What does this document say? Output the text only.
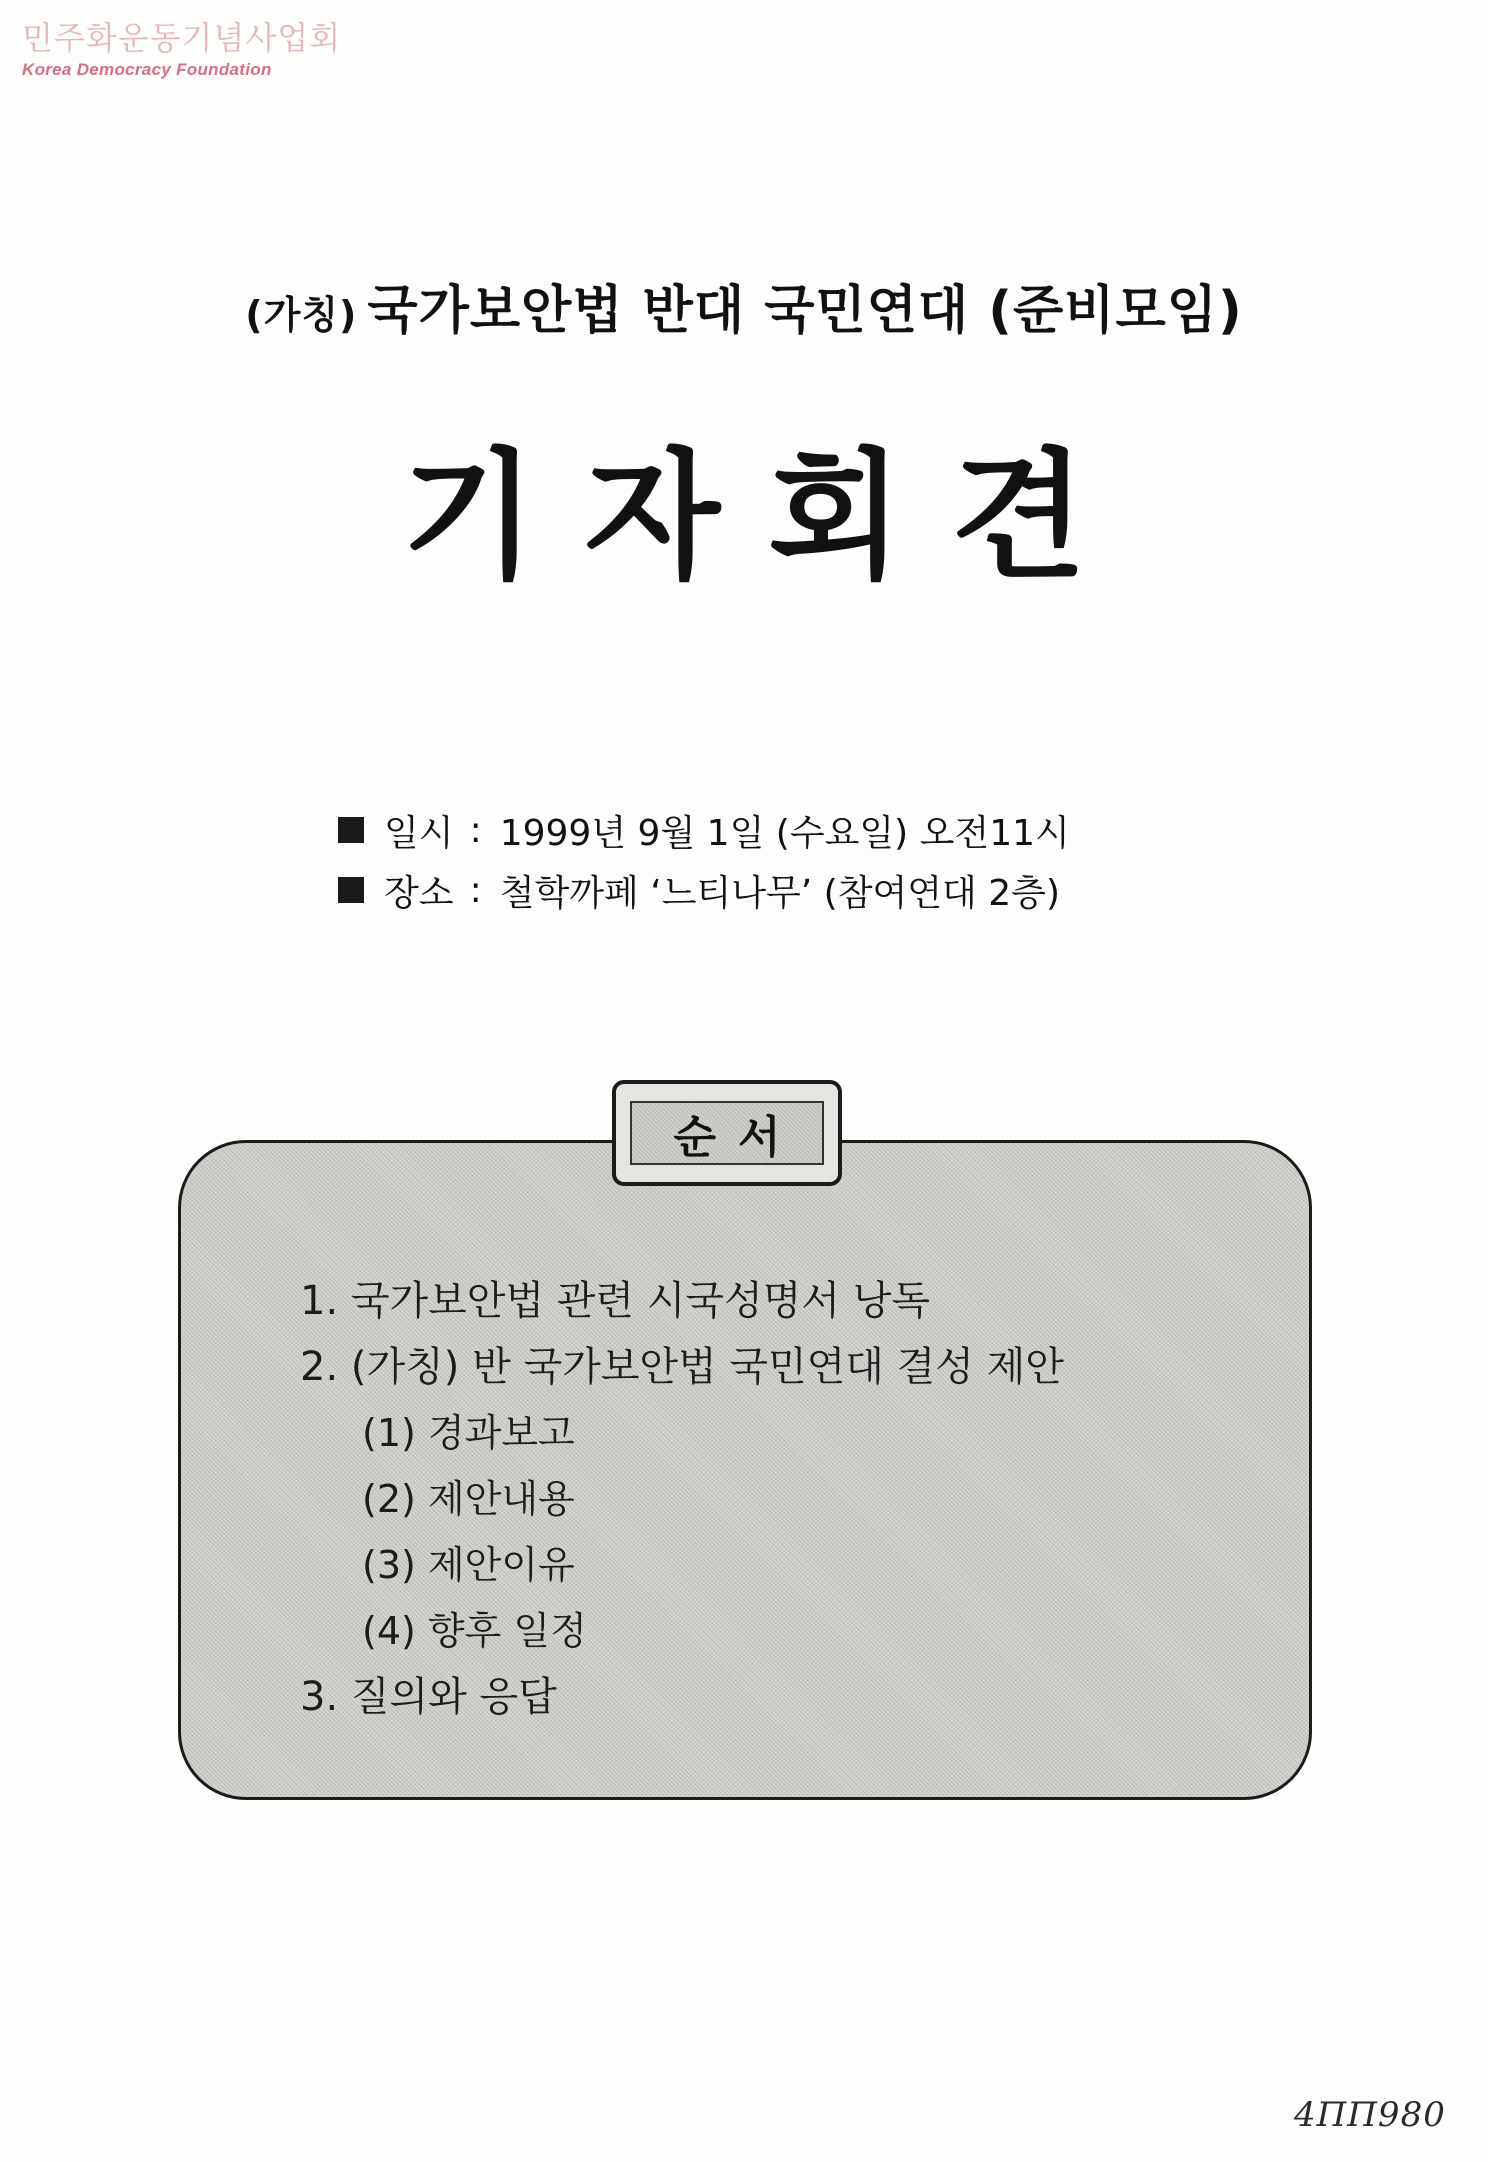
민주화운동기념사업회
Korea Democracy Foundation
(가칭) 국가보안법 반대 국민연대 (준비모임)
기자회견
일시 : 1999년 9월 1일 (수요일) 오전11시
장소 : 철학까페 ‘느티나무’ (참여연대 2층)
순서
1. 국가보안법 관련 시국성명서 낭독
2. (가칭) 반 국가보안법 국민연대 결성 제안
(1) 경과보고
(2) 제안내용
(3) 제안이유
(4) 향후 일정
3. 질의와 응답
4ΠΠ980
